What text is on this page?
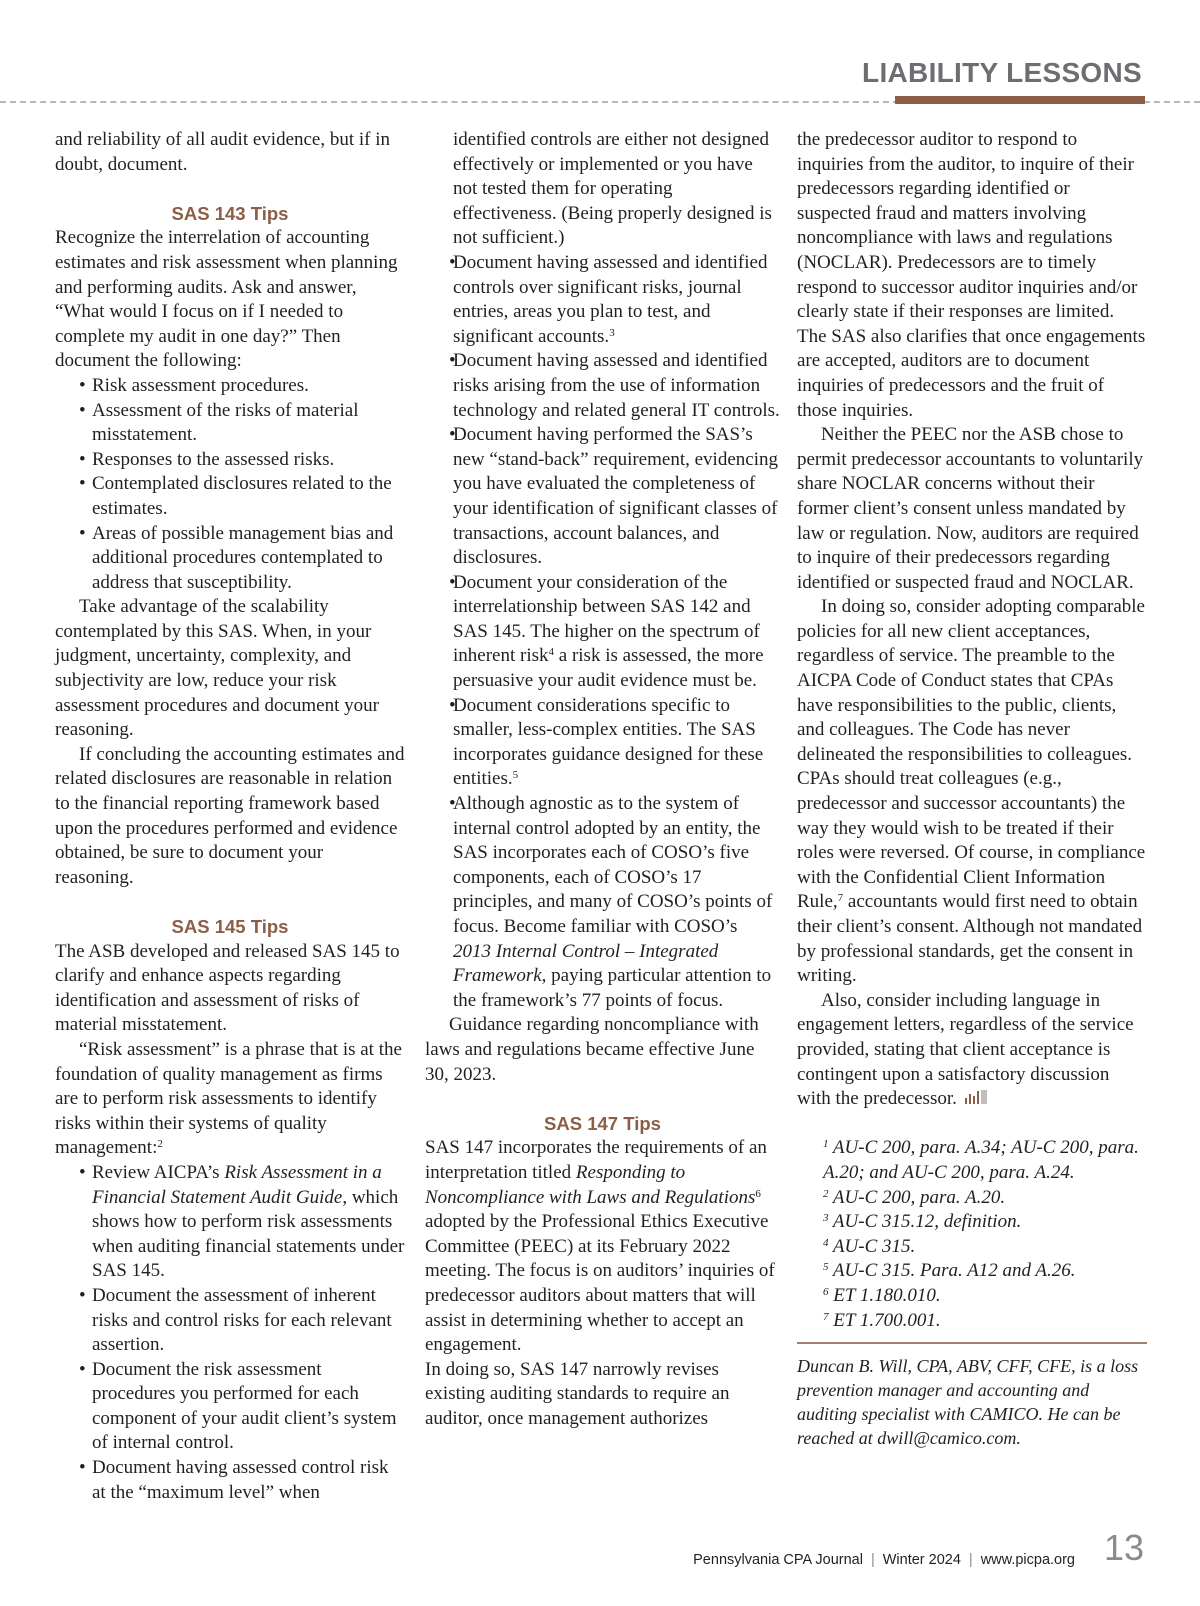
LIABILITY LESSONS

and reliability of all audit evidence, but if in doubt, document.

SAS 143 Tips

Recognize the interrelation of accounting estimates and risk assessment when planning and performing audits. Ask and answer, “What would I focus on if I needed to complete my audit in one day?” Then document the following:

• Risk assessment procedures.
• Assessment of the risks of material misstatement.
• Responses to the assessed risks.
• Contemplated disclosures related to the estimates.
• Areas of possible management bias and additional procedures contemplated to address that susceptibility.

Take advantage of the scalability contemplated by this SAS. When, in your judgment, uncertainty, complexity, and subjectivity are low, reduce your risk assessment procedures and document your reasoning.

If concluding the accounting estimates and related disclosures are reasonable in relation to the financial reporting framework based upon the procedures performed and evidence obtained, be sure to document your reasoning.

SAS 145 Tips

The ASB developed and released SAS 145 to clarify and enhance aspects regarding identification and assessment of risks of material misstatement.

“Risk assessment” is a phrase that is at the foundation of quality management as firms are to perform risk assessments to identify risks within their systems of quality management:$^2$

• Review AICPA’s Risk Assessment in a Financial Statement Audit Guide, which shows how to perform risk assessments when auditing financial statements under SAS 145.
• Document the assessment of inherent risks and control risks for each relevant assertion.
• Document the risk assessment procedures you performed for each component of your audit client’s system of internal control.
• Document having assessed control risk at the “maximum level” when

identified controls are either not designed effectively or implemented or you have not tested them for operating effectiveness. (Being properly designed is not sufficient.)

• Document having assessed and identified controls over significant risks, journal entries, areas you plan to test, and significant accounts.$^3$
• Document having assessed and identified risks arising from the use of information technology and related general IT controls.
• Document having performed the SAS’s new “stand-back” requirement, evidencing you have evaluated the completeness of your identification of significant classes of transactions, account balances, and disclosures.
• Document your consideration of the interrelationship between SAS 142 and SAS 145. The higher on the spectrum of inherent risk$^4$ a risk is assessed, the more persuasive your audit evidence must be.
• Document considerations specific to smaller, less-complex entities. The SAS incorporates guidance designed for these entities.$^5$
• Although agnostic as to the system of internal control adopted by an entity, the SAS incorporates each of COSO’s five components, each of COSO’s 17 principles, and many of COSO’s points of focus. Become familiar with COSO’s 2013 Internal Control – Integrated Framework, paying particular attention to the framework’s 77 points of focus.

Guidance regarding noncompliance with laws and regulations became effective June 30, 2023.

SAS 147 Tips

SAS 147 incorporates the requirements of an interpretation titled Responding to Noncompliance with Laws and Regulations$^6$ adopted by the Professional Ethics Executive Committee (PEEC) at its February 2022 meeting. The focus is on auditors’ inquiries of predecessor auditors about matters that will assist in determining whether to accept an engagement.

In doing so, SAS 147 narrowly revises existing auditing standards to require an auditor, once management authorizes

the predecessor auditor to respond to inquiries from the auditor, to inquire of their predecessors regarding identified or suspected fraud and matters involving noncompliance with laws and regulations (NOCLAR). Predecessors are to timely respond to successor auditor inquiries and/or clearly state if their responses are limited. The SAS also clarifies that once engagements are accepted, auditors are to document inquiries of predecessors and the fruit of those inquiries.

Neither the PEEC nor the ASB chose to permit predecessor accountants to voluntarily share NOCLAR concerns without their former client’s consent unless mandated by law or regulation. Now, auditors are required to inquire of their predecessors regarding identified or suspected fraud and NOCLAR.

In doing so, consider adopting comparable policies for all new client acceptances, regardless of service. The preamble to the AICPA Code of Conduct states that CPAs have responsibilities to the public, clients, and colleagues. The Code has never delineated the responsibilities to colleagues. CPAs should treat colleagues (e.g., predecessor and successor accountants) the way they would wish to be treated if their roles were reversed. Of course, in compliance with the Confidential Client Information Rule,$^7$ accountants would first need to obtain their client’s consent. Although not mandated by professional standards, get the consent in writing.

Also, consider including language in engagement letters, regardless of the service provided, stating that client acceptance is contingent upon a satisfactory discussion with the predecessor.

$^1$ AU-C 200, para. A.34; AU-C 200, para. A.20; and AU-C 200, para. A.24.
$^2$ AU-C 200, para. A.20.
$^3$ AU-C 315.12, definition.
$^4$ AU-C 315.
$^5$ AU-C 315. Para. A12 and A.26.
$^6$ ET 1.180.010.
$^7$ ET 1.700.001.

Duncan B. Will, CPA, ABV, CFF, CFE, is a loss prevention manager and accounting and auditing specialist with CAMICO. He can be reached at dwill@camico.com.

Pennsylvania CPA Journal | Winter 2024 | www.picpa.org 13
